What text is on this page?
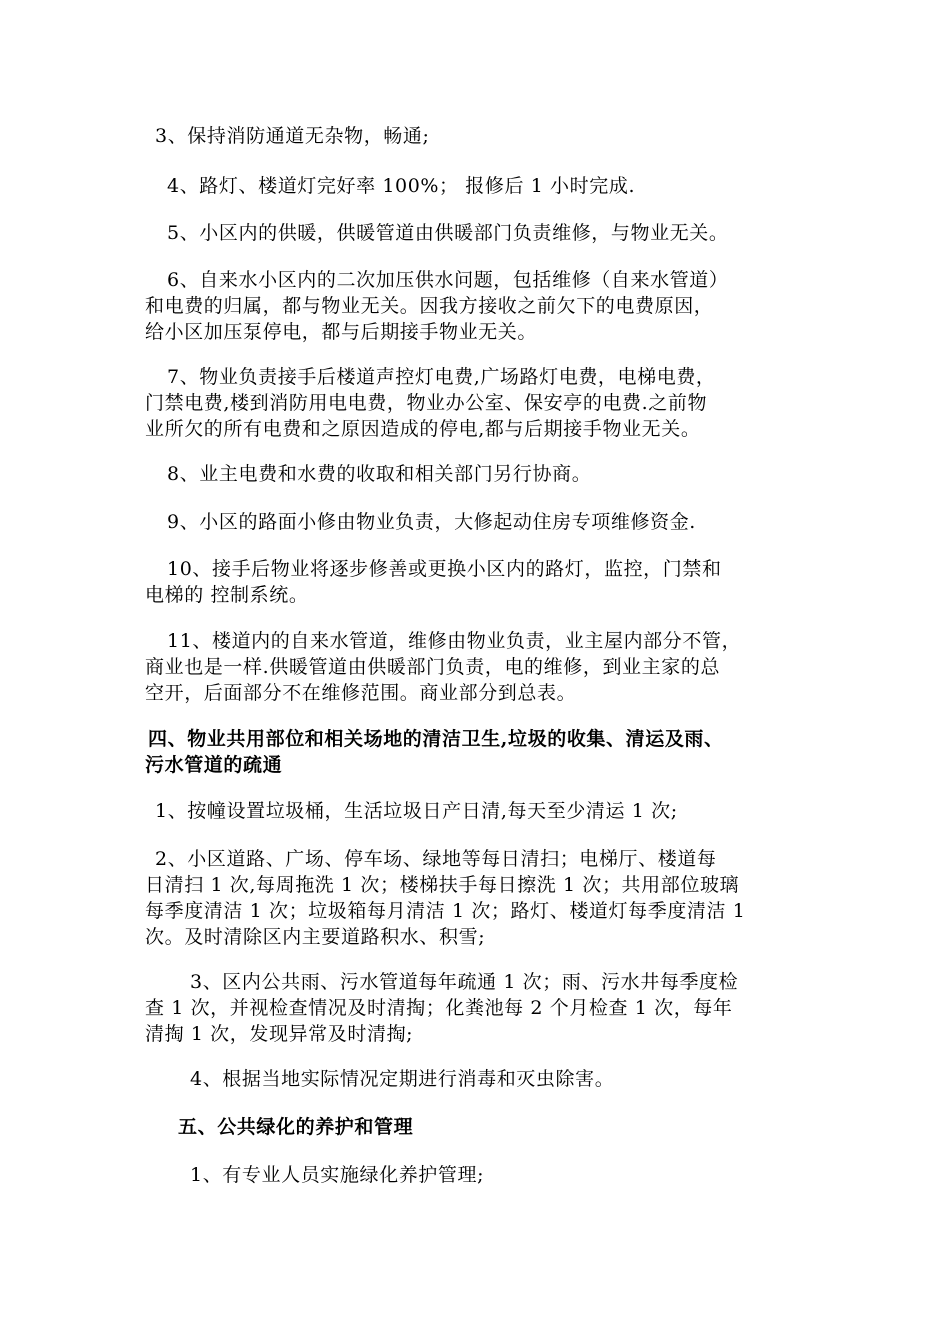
3、保持消防通道无杂物，畅通;
4、路灯、楼道灯完好率 100%； 报修后 1 小时完成.
5、小区内的供暖，供暖管道由供暖部门负责维修，与物业无关。
6、自来水小区内的二次加压供水问题，包括维修（自来水管道）
和电费的归属，都与物业无关。因我方接收之前欠下的电费原因，
给小区加压泵停电，都与后期接手物业无关。
7、物业负责接手后楼道声控灯电费,广场路灯电费，电梯电费，
门禁电费,楼到消防用电电费，物业办公室、保安亭的电费.之前物
业所欠的所有电费和之原因造成的停电,都与后期接手物业无关。
8、业主电费和水费的收取和相关部门另行协商。
9、小区的路面小修由物业负责，大修起动住房专项维修资金.
10、接手后物业将逐步修善或更换小区内的路灯，监控，门禁和
电梯的 控制系统。
11、楼道内的自来水管道，维修由物业负责，业主屋内部分不管，
商业也是一样.供暖管道由供暖部门负责，电的维修，到业主家的总
空开，后面部分不在维修范围。商业部分到总表。
四、物业共用部位和相关场地的清洁卫生,垃圾的收集、清运及雨、
污水管道的疏通
1、按幢设置垃圾桶，生活垃圾日产日清,每天至少清运 1 次;
2、小区道路、广场、停车场、绿地等每日清扫；电梯厅、楼道每
日清扫 1 次,每周拖洗 1 次；楼梯扶手每日擦洗 1 次；共用部位玻璃
每季度清洁 1 次；垃圾箱每月清洁 1 次；路灯、楼道灯每季度清洁 1
次。及时清除区内主要道路积水、积雪;
3、区内公共雨、污水管道每年疏通 1 次；雨、污水井每季度检
查 1 次，并视检查情况及时清掏；化粪池每 2 个月检查 1 次，每年
清掏 1 次，发现异常及时清掏;
4、根据当地实际情况定期进行消毒和灭虫除害。
五、公共绿化的养护和管理
1、有专业人员实施绿化养护管理;
